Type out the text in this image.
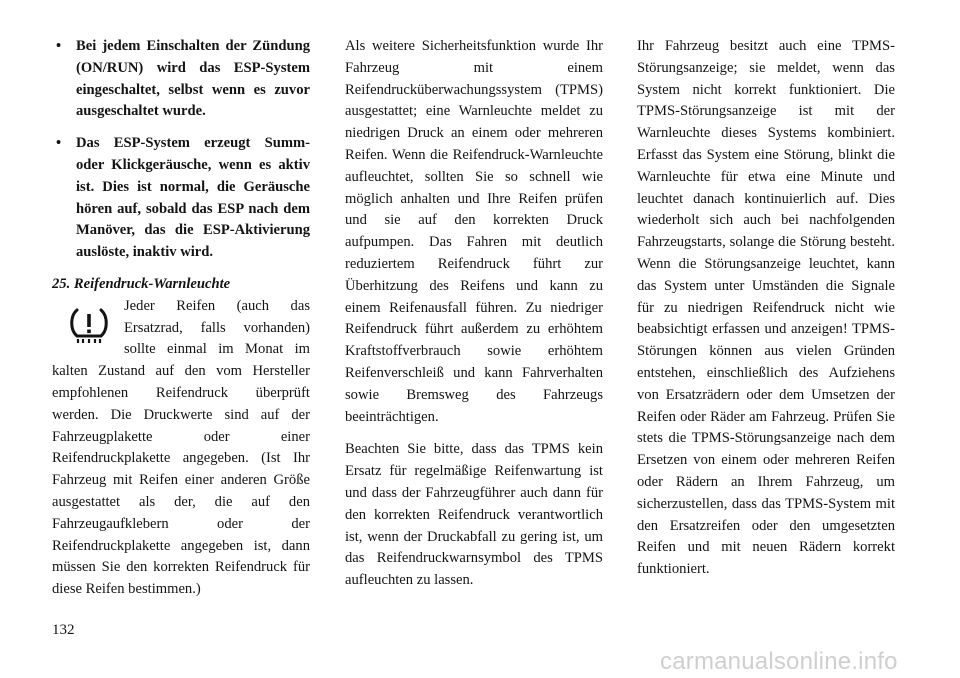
• Bei jedem Einschalten der Zündung (ON/RUN) wird das ESP-System eingeschaltet, selbst wenn es zuvor ausgeschaltet wurde.
• Das ESP-System erzeugt Summ- oder Klickgeräusche, wenn es aktiv ist. Dies ist normal, die Geräusche hören auf, sobald das ESP nach dem Manöver, das die ESP-Aktivierung auslöste, inaktiv wird.
25. Reifendruck-Warnleuchte

Jeder Reifen (auch das Ersatzrad, falls vorhanden) sollte einmal im Monat im kalten Zustand auf den vom Hersteller empfohlenen Reifendruck überprüft werden. Die Druckwerte sind auf der Fahrzeugplakette oder einer Reifendruckplakette angegeben. (Ist Ihr Fahrzeug mit Reifen einer anderen Größe ausgestattet als der, die auf den Fahrzeugaufklebern oder der Reifendruckplakette angegeben ist, dann müssen Sie den korrekten Reifendruck für diese Reifen bestimmen.)

Als weitere Sicherheitsfunktion wurde Ihr Fahrzeug mit einem Reifendrucküberwachungssystem (TPMS) ausgestattet; eine Warnleuchte meldet zu niedrigen Druck an einem oder mehreren Reifen. Wenn die Reifendruck-Warnleuchte aufleuchtet, sollten Sie so schnell wie möglich anhalten und Ihre Reifen prüfen und sie auf den korrekten Druck aufpumpen. Das Fahren mit deutlich reduziertem Reifendruck führt zur Überhitzung des Reifens und kann zu einem Reifenausfall führen. Zu niedriger Reifendruck führt außerdem zu erhöhtem Kraftstoffverbrauch sowie erhöhtem Reifenverschleiß und kann Fahrverhalten sowie Bremsweg des Fahrzeugs beeinträchtigen.

Beachten Sie bitte, dass das TPMS kein Ersatz für regelmäßige Reifenwartung ist und dass der Fahrzeugführer auch dann für den korrekten Reifendruck verantwortlich ist, wenn der Druckabfall zu gering ist, um das Reifendruckwarnsymbol des TPMS aufleuchten zu lassen.

Ihr Fahrzeug besitzt auch eine TPMS-Störungsanzeige; sie meldet, wenn das System nicht korrekt funktioniert. Die TPMS-Störungsanzeige ist mit der Warnleuchte dieses Systems kombiniert. Erfasst das System eine Störung, blinkt die Warnleuchte für etwa eine Minute und leuchtet danach kontinuierlich auf. Dies wiederholt sich auch bei nachfolgenden Fahrzeugstarts, solange die Störung besteht. Wenn die Störungsanzeige leuchtet, kann das System unter Umständen die Signale für zu niedrigen Reifendruck nicht wie beabsichtigt erfassen und anzeigen! TPMS-Störungen können aus vielen Gründen entstehen, einschließlich des Aufziehens von Ersatzrädern oder dem Umsetzen der Reifen oder Räder am Fahrzeug. Prüfen Sie stets die TPMS-Störungsanzeige nach dem Ersetzen von einem oder mehreren Reifen oder Rädern an Ihrem Fahrzeug, um sicherzustellen, dass das TPMS-System mit den Ersatzreifen oder den umgesetzten Reifen und mit neuen Rädern korrekt funktioniert.

132
carmanualsonline.info
